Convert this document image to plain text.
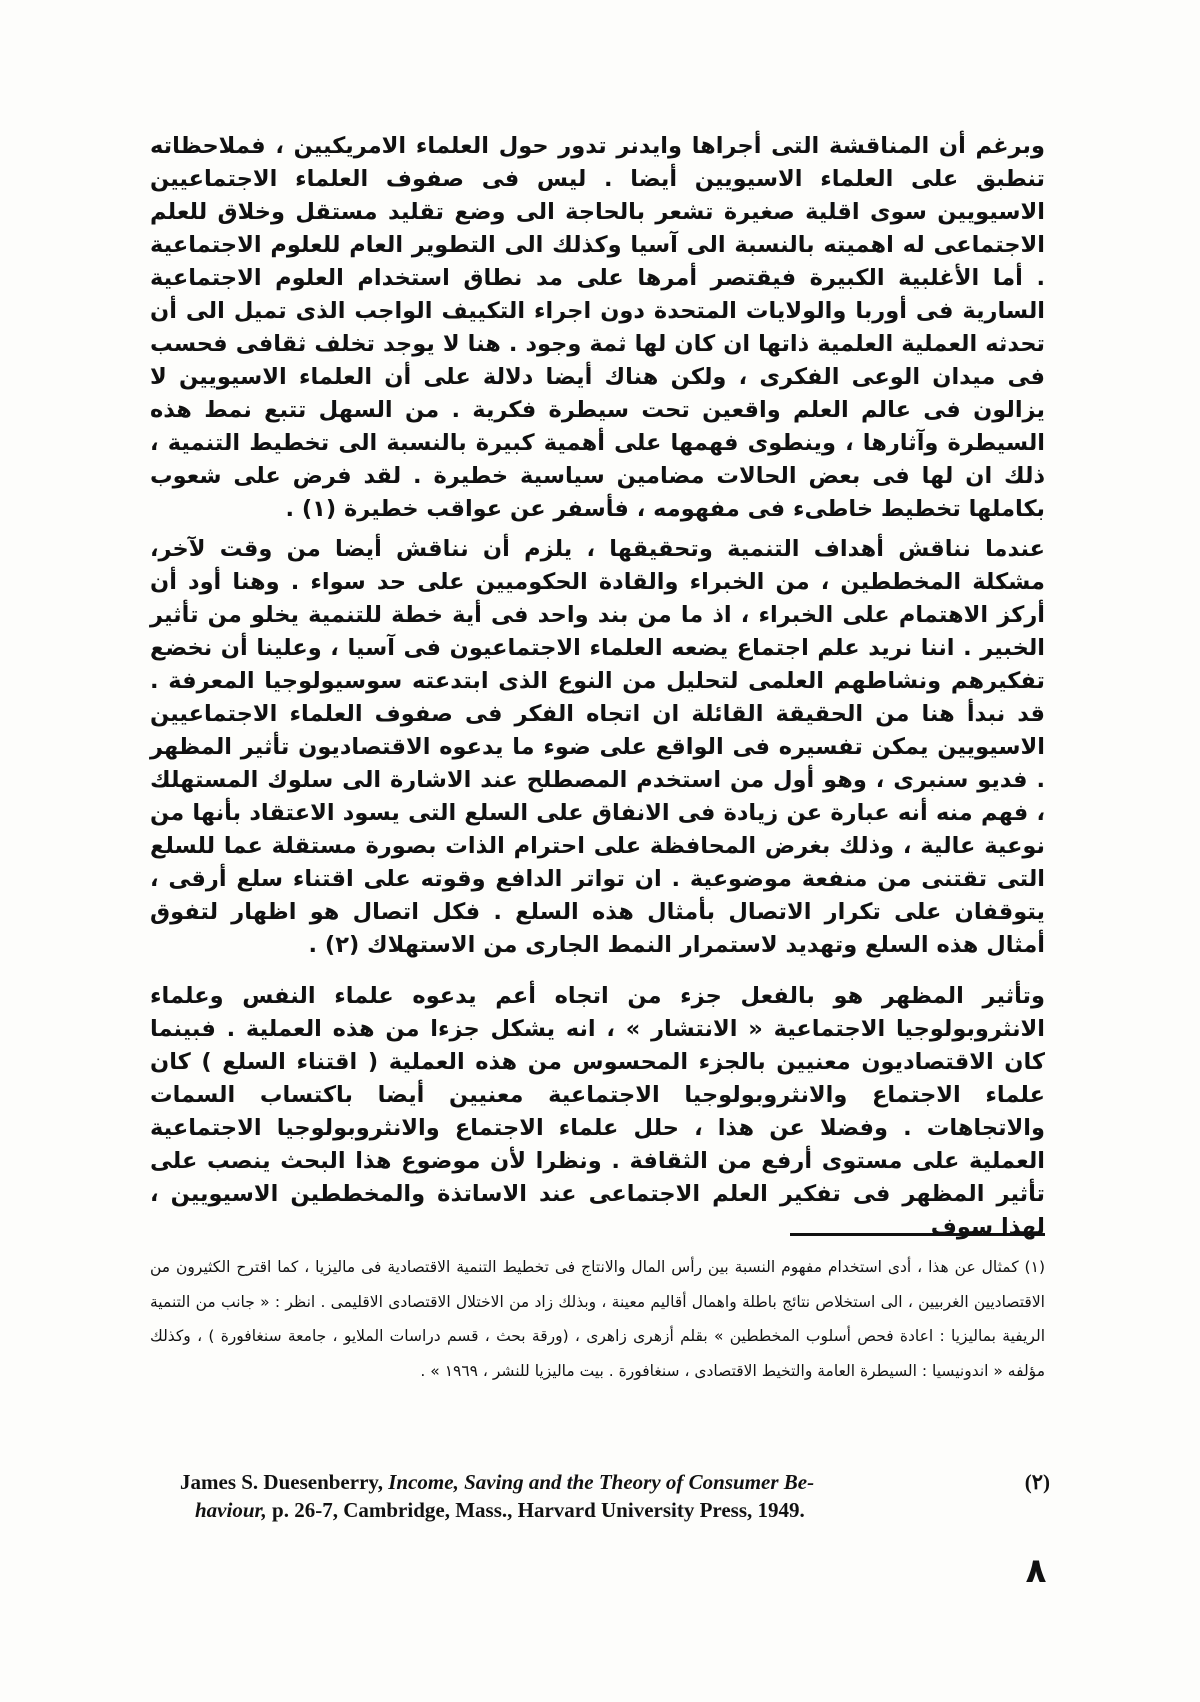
وبرغم أن المناقشة التى أجراها وايدنر تدور حول العلماء الامريكيين ، فملاحظاته تنطبق على العلماء الاسيويين أيضا . ليس فى صفوف العلماء الاجتماعيين الاسيويين سوى اقلية صغيرة تشعر بالحاجة الى وضع تقليد مستقل وخلاق للعلم الاجتماعى له اهميته بالنسبة الى آسيا وكذلك الى التطوير العام للعلوم الاجتماعية . أما الأغلبية الكبيرة فيقتصر أمرها على مد نطاق استخدام العلوم الاجتماعية السارية فى أوربا والولايات المتحدة دون اجراء التكييف الواجب الذى تميل الى أن تحدثه العملية العلمية ذاتها ان كان لها ثمة وجود . هنا لا يوجد تخلف ثقافى فحسب فى ميدان الوعى الفكرى ، ولكن هناك أيضا دلالة على أن العلماء الاسيويين لا يزالون فى عالم العلم واقعين تحت سيطرة فكرية . من السهل تتبع نمط هذه السيطرة وآثارها ، وينطوى فهمها على أهمية كبيرة بالنسبة الى تخطيط التنمية ، ذلك ان لها فى بعض الحالات مضامين سياسية خطيرة . لقد فرض على شعوب بكاملها تخطيط خاطىء فى مفهومه ، فأسفر عن عواقب خطيرة (١) .

عندما نناقش أهداف التنمية وتحقيقها ، يلزم أن نناقش أيضا من وقت لآخر، مشكلة المخططين ، من الخبراء والقادة الحكوميين على حد سواء . وهنا أود أن أركز الاهتمام على الخبراء ، اذ ما من بند واحد فى أية خطة للتنمية يخلو من تأثير الخبير . اننا نريد علم اجتماع يضعه العلماء الاجتماعيون فى آسيا ، وعلينا أن نخضع تفكيرهم ونشاطهم العلمى لتحليل من النوع الذى ابتدعته سوسيولوجيا المعرفة . قد نبدأ هنا من الحقيقة القائلة ان اتجاه الفكر فى صفوف العلماء الاجتماعيين الاسيويين يمكن تفسيره فى الواقع على ضوء ما يدعوه الاقتصاديون تأثير المظهر . فديو سنبرى ، وهو أول من استخدم المصطلح عند الاشارة الى سلوك المستهلك ، فهم منه أنه عبارة عن زيادة فى الانفاق على السلع التى يسود الاعتقاد بأنها من نوعية عالية ، وذلك بغرض المحافظة على احترام الذات بصورة مستقلة عما للسلع التى تقتنى من منفعة موضوعية . ان تواتر الدافع وقوته على اقتناء سلع أرقى ، يتوقفان على تكرار الاتصال بأمثال هذه السلع . فكل اتصال هو اظهار لتفوق أمثال هذه السلع وتهديد لاستمرار النمط الجارى من الاستهلاك (٢) .

وتأثير المظهر هو بالفعل جزء من اتجاه أعم يدعوه علماء النفس وعلماء الانثروبولوجيا الاجتماعية « الانتشار » ، انه يشكل جزءا من هذه العملية . فبينما كان الاقتصاديون معنيين بالجزء المحسوس من هذه العملية ( اقتناء السلع ) كان علماء الاجتماع والانثروبولوجيا الاجتماعية معنيين أيضا باكتساب السمات والاتجاهات . وفضلا عن هذا ، حلل علماء الاجتماع والانثروبولوجيا الاجتماعية العملية على مستوى أرفع من الثقافة . ونظرا لأن موضوع هذا البحث ينصب على تأثير المظهر فى تفكير العلم الاجتماعى عند الاساتذة والمخططين الاسيويين ، لهذا سوف

(١) كمثال عن هذا ، أدى استخدام مفهوم النسبة بين رأس المال والانتاج فى تخطيط التنمية الاقتصادية فى ماليزيا ، كما اقترح الكثيرون من الاقتصاديين الغربيين ، الى استخلاص نتائج باطلة واهمال أقاليم معينة ، وبذلك زاد من الاختلال الاقتصادى الاقليمى . انظر : « جانب من التنمية الريفية بماليزيا : اعادة فحص أسلوب المخططين » بقلم أزهرى زاهرى ، (ورقة بحث ، قسم دراسات الملايو ، جامعة سنغافورة ) ، وكذلك مؤلفه « اندونيسيا : السيطرة العامة والتخيط الاقتصادى ، سنغافورة . بيت ماليزيا للنشر ، ١٩٦٩ » .

James S. Duesenberry, Income, Saving and the Theory of Consumer Be-	(٢)
haviour, p. 26-7, Cambridge, Mass., Harvard University Press, 1949.
٨
